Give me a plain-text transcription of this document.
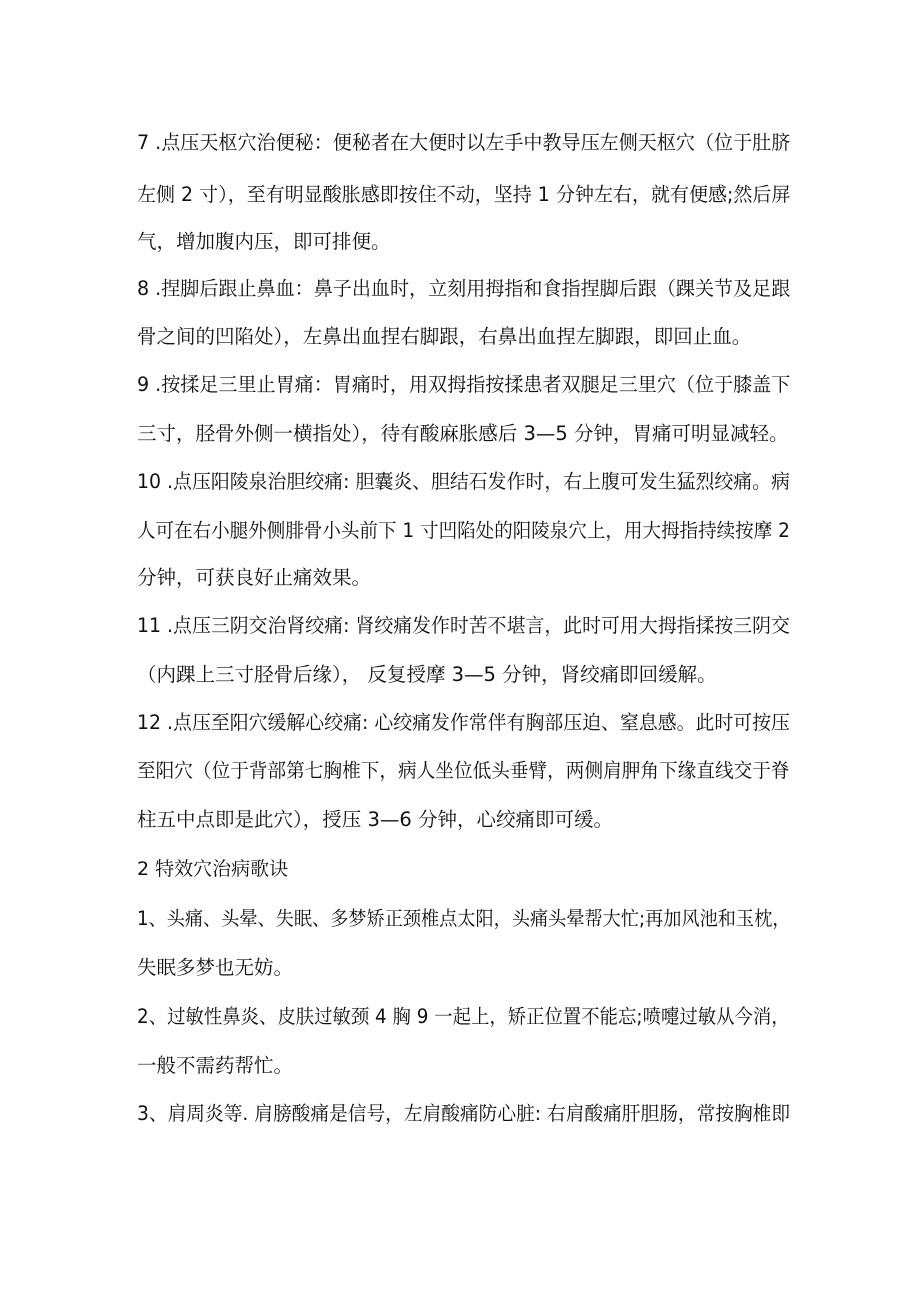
7 .点压天枢穴治便秘：便秘者在大便时以左手中教导压左侧天枢穴（位于肚脐
左侧 2 寸），至有明显酸胀感即按住不动，坚持 1 分钟左右，就有便感;然后屏
气，增加腹内压，即可排便。
8 .捏脚后跟止鼻血：鼻子出血时，立刻用拇指和食指捏脚后跟（踝关节及足跟
骨之间的凹陷处），左鼻出血捏右脚跟，右鼻出血捏左脚跟，即回止血。
9 .按揉足三里止胃痛：胃痛时，用双拇指按揉患者双腿足三里穴（位于膝盖下
三寸，胫骨外侧一横指处），待有酸麻胀感后 3—5 分钟，胃痛可明显减轻。
10 .点压阳陵泉治胆绞痛: 胆囊炎、胆结石发作时，右上腹可发生猛烈绞痛。病
人可在右小腿外侧腓骨小头前下 1 寸凹陷处的阳陵泉穴上，用大拇指持续按摩 2
分钟，可获良好止痛效果。
11 .点压三阴交治肾绞痛: 肾绞痛发作时苦不堪言，此时可用大拇指揉按三阴交
（内踝上三寸胫骨后缘）， 反复授摩 3—5 分钟，肾绞痛即回缓解。
12 .点压至阳穴缓解心绞痛: 心绞痛发作常伴有胸部压迫、窒息感。此时可按压
至阳穴（位于背部第七胸椎下，病人坐位低头垂臂，两侧肩胛角下缘直线交于脊
柱五中点即是此穴），授压 3—6 分钟，心绞痛即可缓。
2 特效穴治病歌诀
1、头痛、头晕、失眠、多梦矫正颈椎点太阳，头痛头晕帮大忙;再加风池和玉枕，
失眠多梦也无妨。
2、过敏性鼻炎、皮肤过敏颈 4 胸 9 一起上，矫正位置不能忘;喷嚏过敏从今消，
一般不需药帮忙。
3、肩周炎等. 肩膀酸痛是信号，左肩酸痛防心脏: 右肩酸痛肝胆肠，常按胸椎即
